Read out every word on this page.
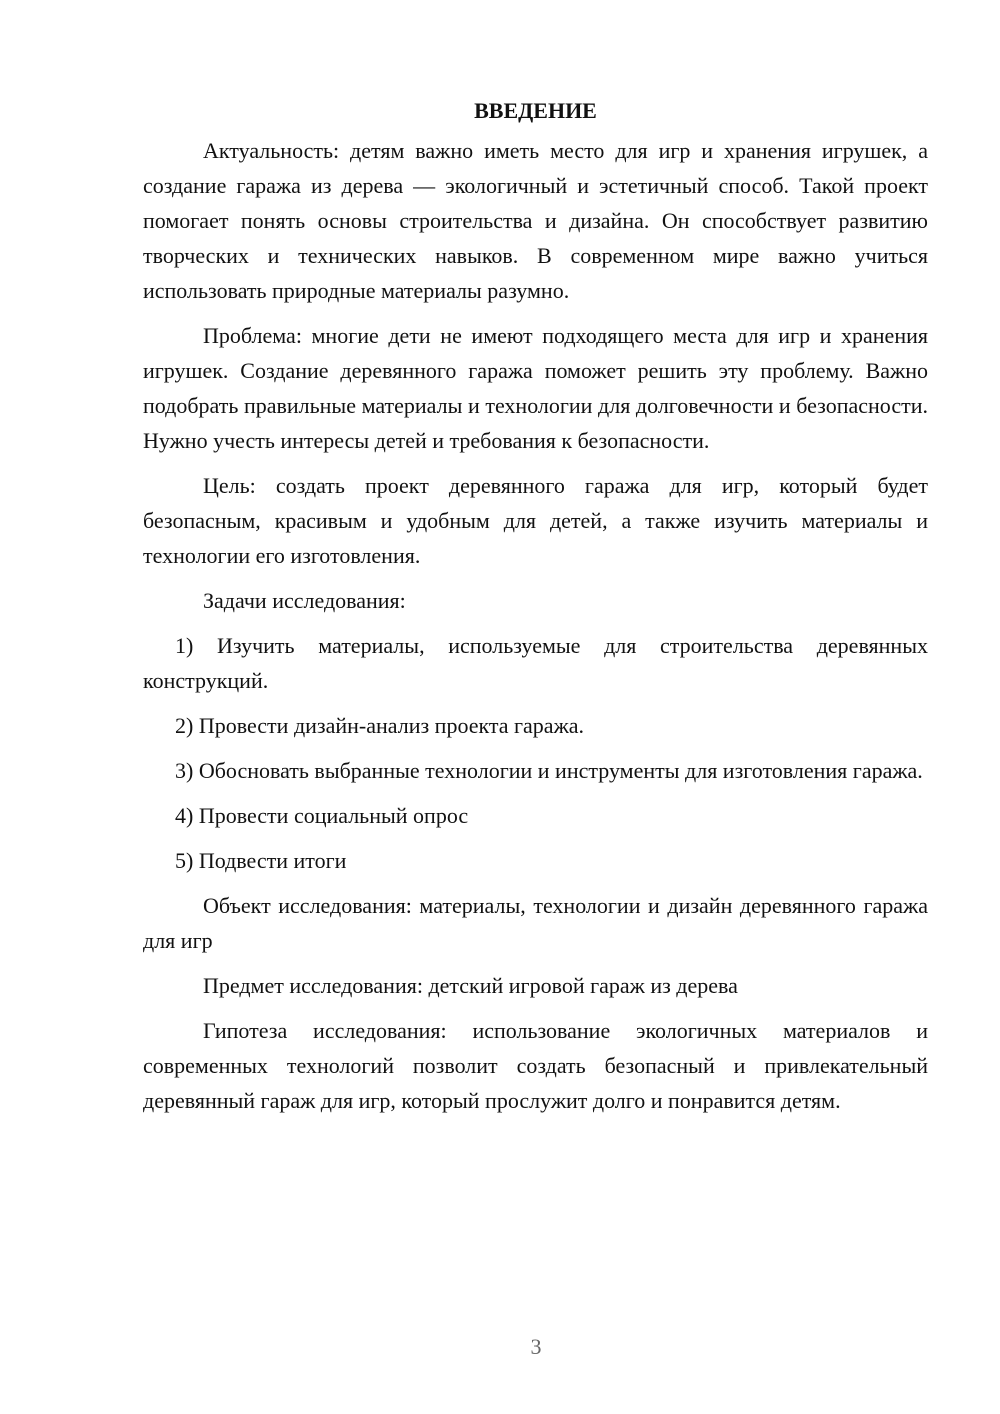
ВВЕДЕНИЕ

Актуальность: детям важно иметь место для игр и хранения игрушек, а создание гаража из дерева — экологичный и эстетичный способ. Такой проект помогает понять основы строительства и дизайна. Он способствует развитию творческих и технических навыков. В современном мире важно учиться использовать природные материалы разумно.

Проблема: многие дети не имеют подходящего места для игр и хранения игрушек. Создание деревянного гаража поможет решить эту проблему. Важно подобрать правильные материалы и технологии для долговечности и безопасности. Нужно учесть интересы детей и требования к безопасности.

Цель: создать проект деревянного гаража для игр, который будет безопасным, красивым и удобным для детей, а также изучить материалы и технологии его изготовления.

Задачи исследования:

1) Изучить материалы, используемые для строительства деревянных конструкций.

2) Провести дизайн-анализ проекта гаража.

3) Обосновать выбранные технологии и инструменты для изготовления гаража.

4) Провести социальный опрос

5) Подвести итоги

Объект исследования: материалы, технологии и дизайн деревянного гаража для игр

Предмет исследования: детский игровой гараж из дерева

Гипотеза исследования: использование экологичных материалов и современных технологий позволит создать безопасный и привлекательный деревянный гараж для игр, который прослужит долго и понравится детям.

3
